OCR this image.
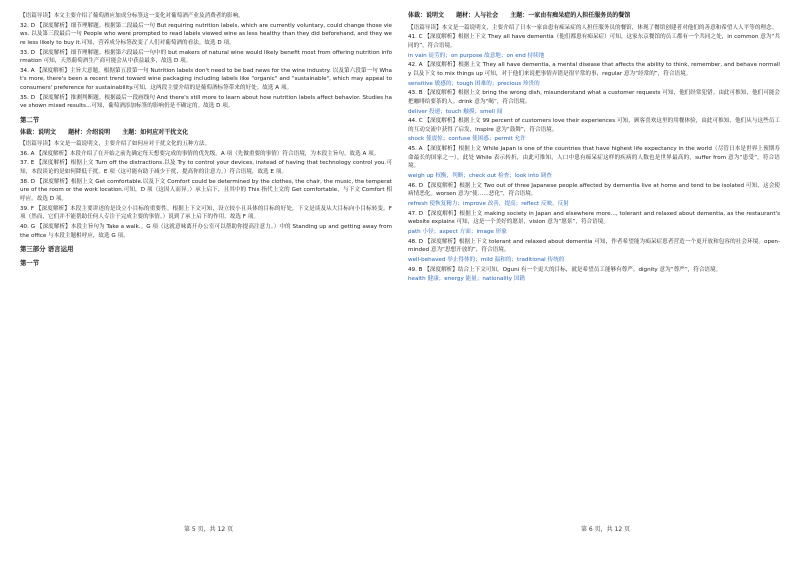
【语篇导读】本文主要介绍了葡萄酒应加成分标签这一变化对葡萄酒产业及消费者的影响。

32. D 【深度解析】细节理解题。根据第二段最后一句 But requiring nutrition labels, which are currently voluntary, could change those views. 以及第三段最后一句 People who were prompted to read labels viewed wine as less healthy than they did beforehand, and they were less likely to buy it.可知，营养成分标签改变了人们对葡萄酒的看法。故选 D 项。

33. D 【深度解析】细节理解题。根据第六段最后一句中的 but makers of natural wine would likely benefit most from offering nutrition information 可知，天然葡萄酒生产商可能会从中获益最多，故选 D 项。

34. A 【深度解析】主旨大意题。根据第五段第一句 Nutrition labels don't need to be bad news for the wine industry. 以及第六段第一句 What's more, there's been a recent trend toward wine packaging including labels like "organic" and "sustainable", which may appeal to consumers' preference for sustainability.可知，这两段主要介绍的是葡萄酒标签带来的好处。故选 A 项。

35. D 【深度解析】推测判断题。根据最后一段画线句 And there's still more to learn about how nutrition labels affect behavior. Studies have shown mixed results...可知，葡萄酒添加标签的影响仍是不确定的。故选 D 项。

第二节
体裁：说明文 题材：介绍说明 主题：如何应对干扰文化

【语篇导读】本文是一篇说明文，主要介绍了如何应对干扰文化的五种方法。

36. A 【深度解析】本段介绍了在开始之前先确定每天想要完成的事情的优先级。A 项（先做重要的事情）符合语境，为本段主旨句。故选 A 项。

37. E 【深度解析】根据上文 Turn off the distractions.以及 Try to control your devices, instead of having that technology control you.可知，本段谈论的是如何降低干扰。E 项（这可能有助于减少干扰，提高你的注意力。）符合语境，故选 E 项。

38. D 【深度解析】根据上文 Get comfortable.以及下文 Comfort could be determined by the clothes, the chair, the music, the temperature of the room or the work location.可知，D 项（这因人而异。）承上启下，且其中的 This 指代上文的 Get comfortable，与下文 Comfort 相呼应。故选 D 项。

39. F 【深度解析】本段主要讲述的是设立小目标的重要性。根据上下文可知，设立较小且具体的目标的好处，下文是谈及从大目标向小目标转变。F 项（然而，它们并不能帮助任何人专注于完成主要的事情。）说到了承上启下的作用，故选 F 项。

40. G 【深度解析】本段主旨句为 Take a walk.。G 项（这就意味离开办公室可以帮助你提高注意力。）中的 Standing up and getting away from the office 与本段主题相呼应，故选 G 项。

第三部分 语言运用
第一节
体裁：说明文 题材：人与社会 主题：一家由有痴呆症的人担任服务员的餐馆

【语篇导读】本文是一篇说明文，主要介绍了日本一家由患有痴呆症的人担任服务员的餐馆，体现了餐馆创建者对他们的善意和希望人人平等的理念。

41. C 【深度解析】根据上下文 They all have dementia（他们都患有痴呆症）可知，这家东京餐馆的员工都有一个共同之处，in common 意为“共同的”，符合语境。

in vain 徒劳的；on purpose 故意地；on end 持续地

42. A 【深度解析】根据上文 They all have dementia, a mental disease that affects the ability to think, remember, and behave normally 以及下文 to mix things up 可知，对于他们来说把事情弄错是很平常的事，regular 意为“经常的”，符合语境。

sensitive 敏感的；tough 困难的；precious 珍贵的

43. B 【深度解析】根据上文 bring the wrong dish, misunderstand what a customer requests 可知，他们经常犯错。由此可推知，他们可能会把咖啡给要茶的人。drink 意为“喝”，符合语境。

deliver 投递；touch 触摸；smell 闻

44. C 【深度解析】根据上文 99 percent of customers love their experiences 可知，顾客喜欢这里的用餐体验，由此可推知，他们从与这些员工的互动交流中获得了启发，inspire 意为“鼓舞”，符合语境。

shock 使震惊；confuse 使困惑；permit 允许

45. A 【深度解析】根据上文 While Japan is one of the countries that have highest life expectancy in the world（尽管日本是世界上预期寿命最长的国家之一），此处 While 表示转折，由此可推知，人口中患有痴呆症这样的疾病的人数也是世界最高的，suffer from 意为“患受”，符合语境。

weigh up 权衡，判断；check out 检查；look into 调查

46. D 【深度解析】根据上文 Two out of three Japanese people affected by dementia live at home and tend to be isolated 可知，这会使病情恶化。worsen 意为“使……恶化”，符合语境。

refresh 使恢复精力；improve 改善，提高；reflect 反映，反射

47. D 【深度解析】根据上文 making society in Japan and elsewhere more..., tolerant and relaxed about dementia, as the restaurant's website explains 可知，这是一个美好的愿景，vision 意为“愿景”，符合语境。

path 小径；aspect 方面；image 形象

48. D 【深度解析】根据上下文 tolerant and relaxed about dementia 可知，作者希望能为痴呆症患者营造一个更开放和包容的社会环境。open-minded 意为“思想开放的”，符合语境。

well-behaved 举止得体的；mild 温和的；traditional 传统的

49. B 【深度解析】结合上下文可知，Oguni 有一个更大的目标，就是希望员工能够有尊严。dignity 意为“尊严”，符合语境。

health 健康；energy 能量；nationality 国籍

第 5 页，共 12 页	第 6 页，共 12 页
